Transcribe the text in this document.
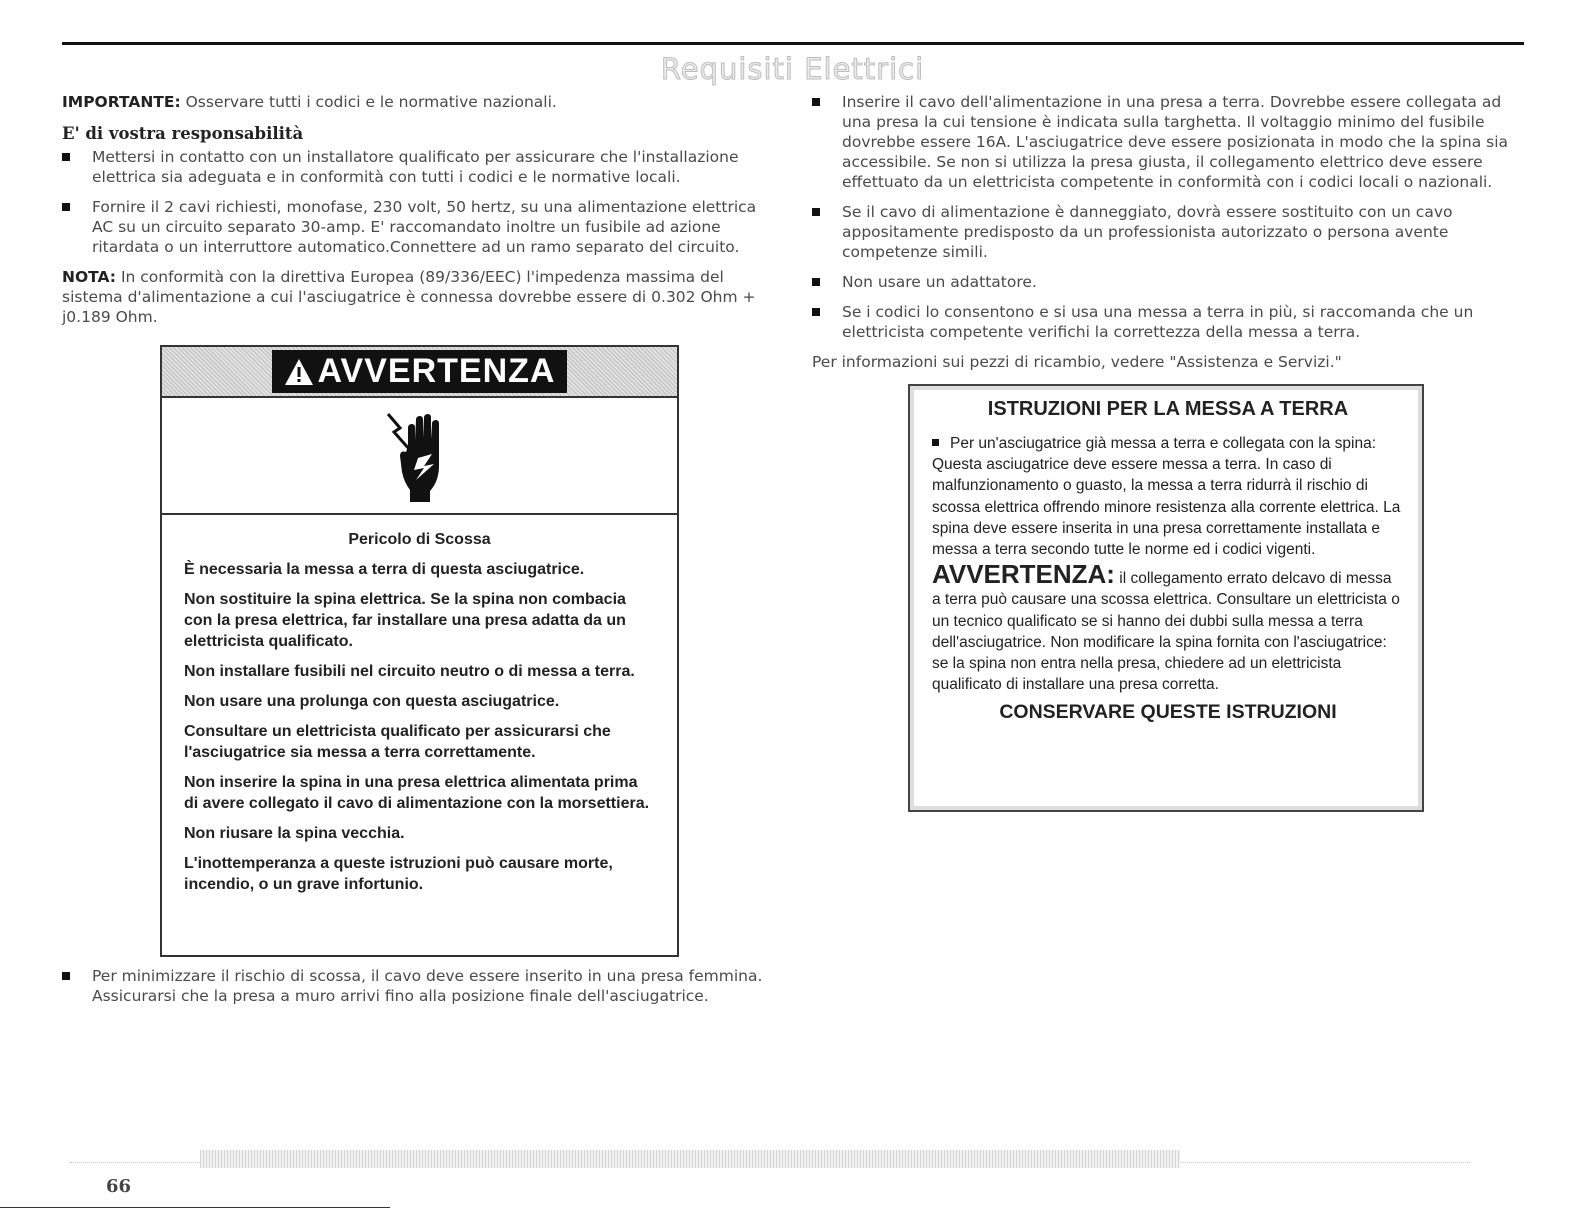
Requisiti Elettrici

IMPORTANTE: Osservare tutti i codici e le normative nazionali.

E' di vostra responsabilità
Mettersi in contatto con un installatore qualificato per assicurare che l'installazione elettrica sia adeguata e in conformità con tutti i codici e le normative locali.
Fornire il 2 cavi richiesti, monofase, 230 volt, 50 hertz, su una alimentazione elettrica AC su un circuito separato 30-amp. E' raccomandato inoltre un fusibile ad azione ritardata o un interruttore automatico.Connettere ad un ramo separato del circuito.

NOTA: In conformità con la direttiva Europea (89/336/EEC) l'impedenza massima del sistema d'alimentazione a cui l'asciugatrice è connessa dovrebbe essere di 0.302 Ohm + j0.189 Ohm.

AVVERTENZA
Pericolo di Scossa

È necessaria la messa a terra di questa asciugatrice.

Non sostituire la spina elettrica. Se la spina non combacia con la presa elettrica, far installare una presa adatta da un elettricista qualificato.

Non installare fusibili nel circuito neutro o di messa a terra.

Non usare una prolunga con questa asciugatrice.

Consultare un elettricista qualificato per assicurarsi che l'asciugatrice sia messa a terra correttamente.

Non inserire la spina in una presa elettrica alimentata prima di avere collegato il cavo di alimentazione con la morsettiera.

Non riusare la spina vecchia.

L'inottemperanza a queste istruzioni può causare morte, incendio, o un grave infortunio.

Per minimizzare il rischio di scossa, il cavo deve essere inserito in una presa femmina. Assicurarsi che la presa a muro arrivi fino alla posizione finale dell'asciugatrice.
Inserire il cavo dell'alimentazione in una presa a terra. Dovrebbe essere collegata ad una presa la cui tensione è indicata sulla targhetta. Il voltaggio minimo del fusibile dovrebbe essere 16A. L'asciugatrice deve essere posizionata in modo che la spina sia accessibile. Se non si utilizza la presa giusta, il collegamento elettrico deve essere effettuato da un elettricista competente in conformità con i codici locali o nazionali.
Se il cavo di alimentazione è danneggiato, dovrà essere sostituito con un cavo appositamente predisposto da un professionista autorizzato o persona avente competenze simili.
Non usare un adattatore.
Se i codici lo consentono e si usa una messa a terra in più, si raccomanda che un elettricista competente verifichi la correttezza della messa a terra.

Per informazioni sui pezzi di ricambio, vedere "Assistenza e Servizi."

ISTRUZIONI PER LA MESSA A TERRA

Per un'asciugatrice già messa a terra e collegata con la spina:

Questa asciugatrice deve essere messa a terra. In caso di malfunzionamento o guasto, la messa a terra ridurrà il rischio di scossa elettrica offrendo minore resistenza alla corrente elettrica. La spina deve essere inserita in una presa correttamente installata e messa a terra secondo tutte le norme ed i codici vigenti.

AVVERTENZA: il collegamento errato delcavo di messa a terra può causare una scossa elettrica. Consultare un elettricista o un tecnico qualificato se si hanno dei dubbi sulla messa a terra dell'asciugatrice. Non modificare la spina fornita con l'asciugatrice: se la spina non entra nella presa, chiedere ad un elettricista qualificato di installare una presa corretta.

CONSERVARE QUESTE ISTRUZIONI
66
